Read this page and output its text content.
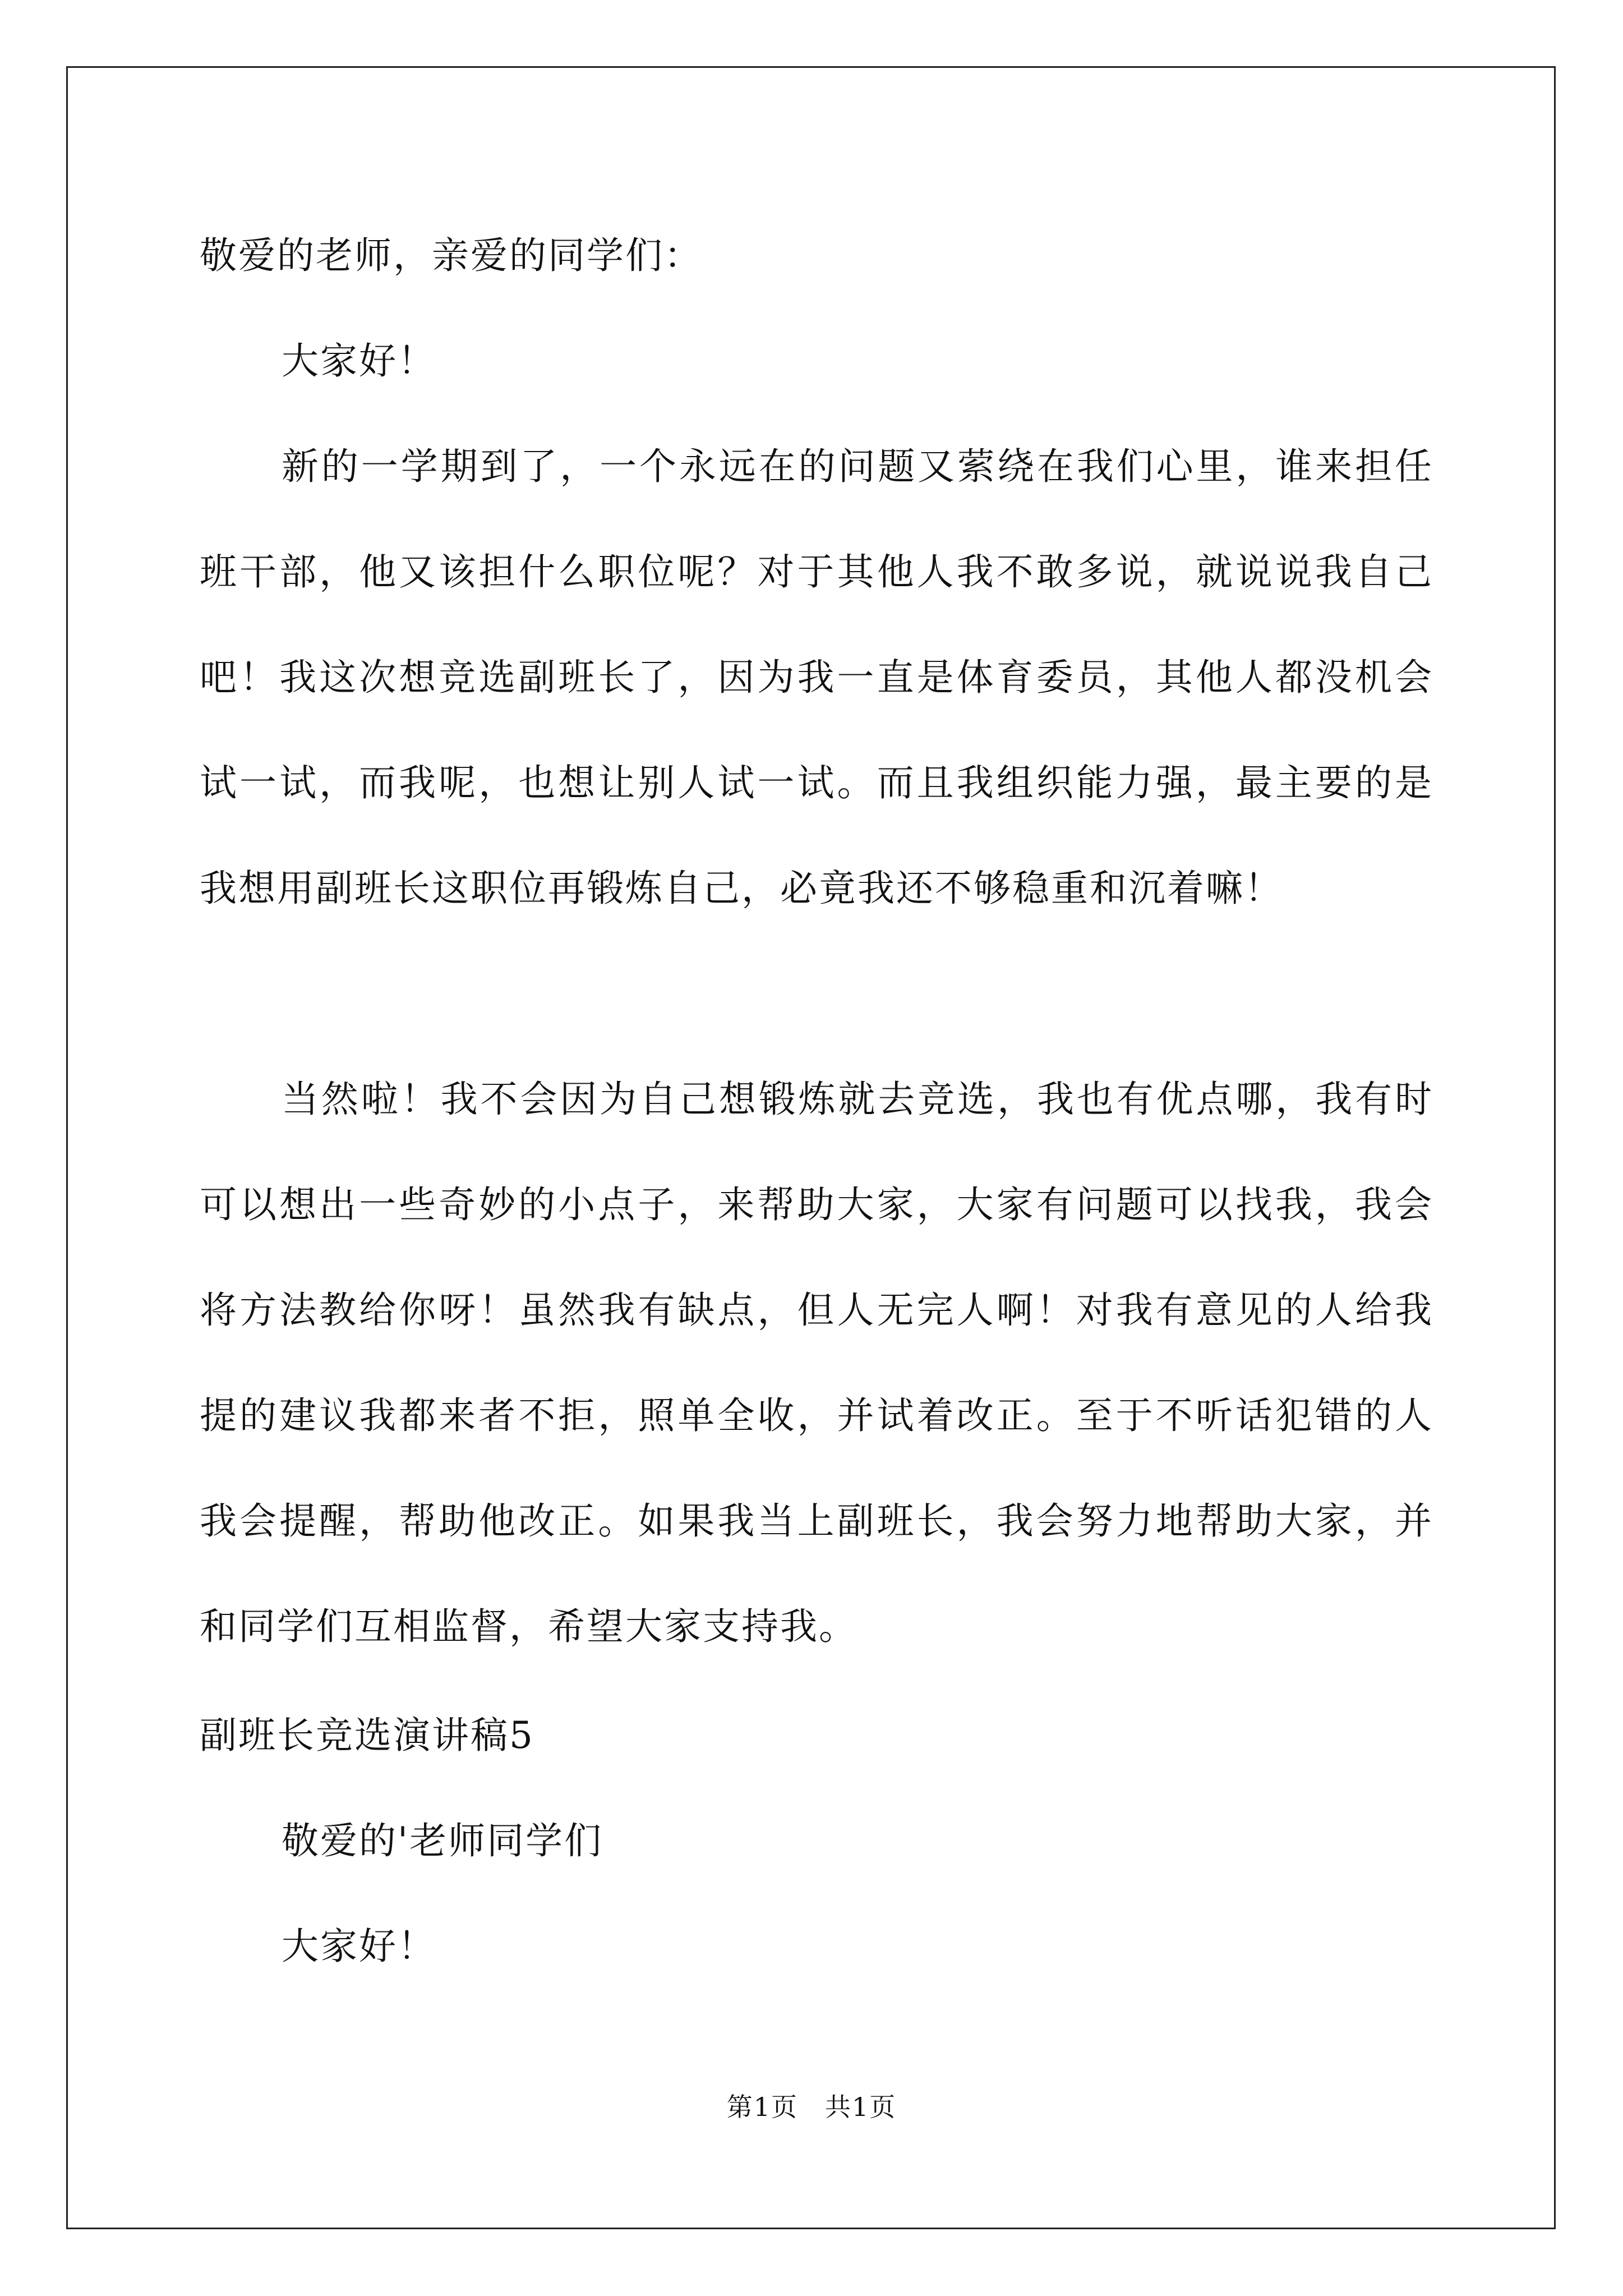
敬爱的老师，亲爱的同学们：

大家好！

新的一学期到了，一个永远在的问题又萦绕在我们心里，谁来担任班干部，他又该担什么职位呢？对于其他人我不敢多说，就说说我自己吧！我这次想竞选副班长了，因为我一直是体育委员，其他人都没机会试一试，而我呢，也想让别人试一试。而且我组织能力强，最主要的是我想用副班长这职位再锻炼自己，必竟我还不够稳重和沉着嘛！

当然啦！我不会因为自己想锻炼就去竞选，我也有优点哪，我有时可以想出一些奇妙的小点子，来帮助大家，大家有问题可以找我，我会将方法教给你呀！虽然我有缺点，但人无完人啊！对我有意见的人给我提的建议我都来者不拒，照单全收，并试着改正。至于不听话犯错的人我会提醒，帮助他改正。如果我当上副班长，我会努力地帮助大家，并和同学们互相监督，希望大家支持我。

副班长竞选演讲稿5

敬爱的'老师同学们

大家好！

第1页　共1页
